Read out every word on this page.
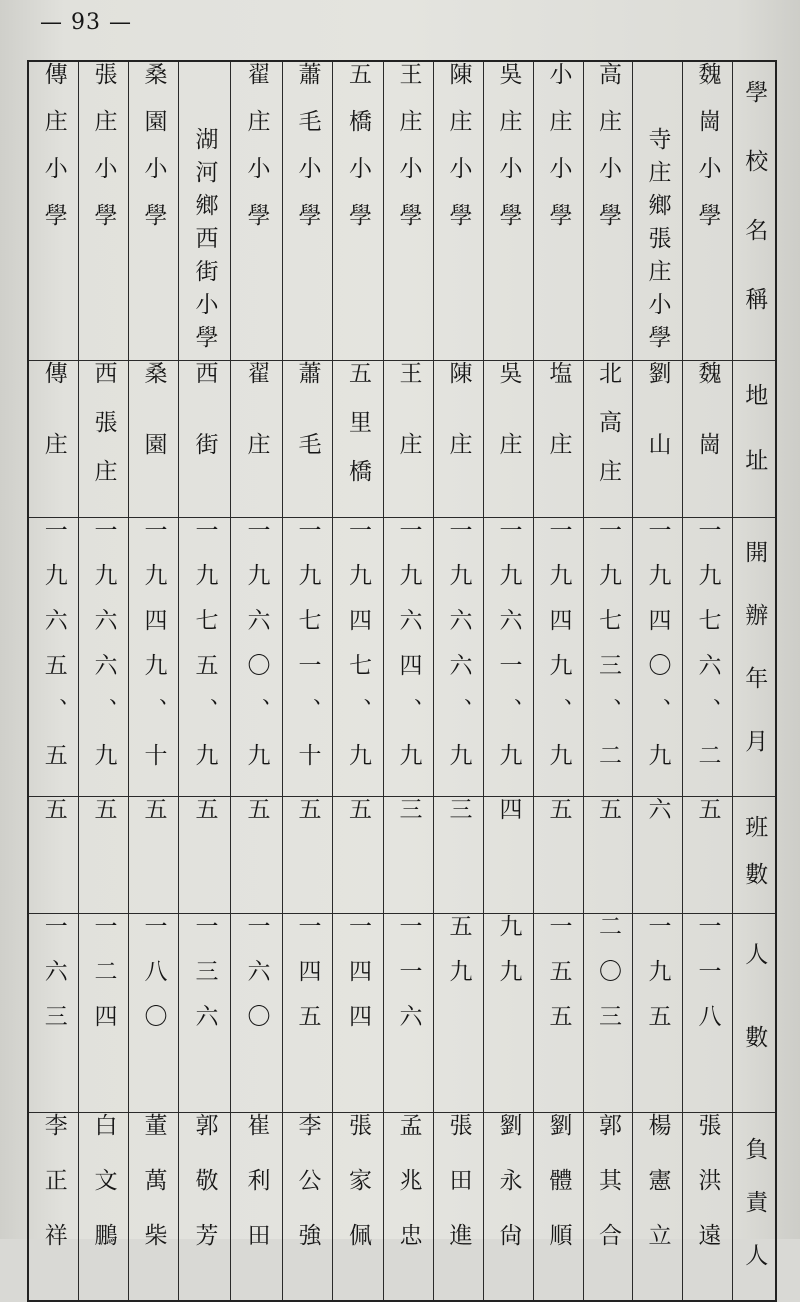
— 93 —
傳庄小學	張庄小學	桑園小學	湖河鄉西街小學	翟庄小學	蕭毛小學	五橋小學	王庄小學	陳庄小學	吳庄小學	小庄小學	高庄小學	寺庄鄉張庄小學	魏崗小學	學校名稱
傳庄	西張庄	桑園	西街	翟庄	蕭毛	五里橋	王庄	陳庄	吳庄	塩庄	北高庄	劉山	魏崗	地址
一九六五、五	一九六六、九	一九四九、十	一九七五、九	一九六〇、九	一九七一、十	一九四七、九	一九六四、九	一九六六、九	一九六一、九	一九四九、九	一九七三、二	一九四〇、九	一九七六、二	開辦年月
五	五	五	五	五	五	五	三	三	四	五	五	六	五	班數
一六三	一二四	一八〇	一三六	一六〇	一四五	一四四	一一六	五九	九九	一五五	二〇三	一九五	一一八	人數
李正祥	白文鵬	董萬柴	郭敬芳	崔利田	李公強	張家佩	孟兆忠	張田進	劉永尙	劉體順	郭其合	楊憲立	張洪遠	負責人
